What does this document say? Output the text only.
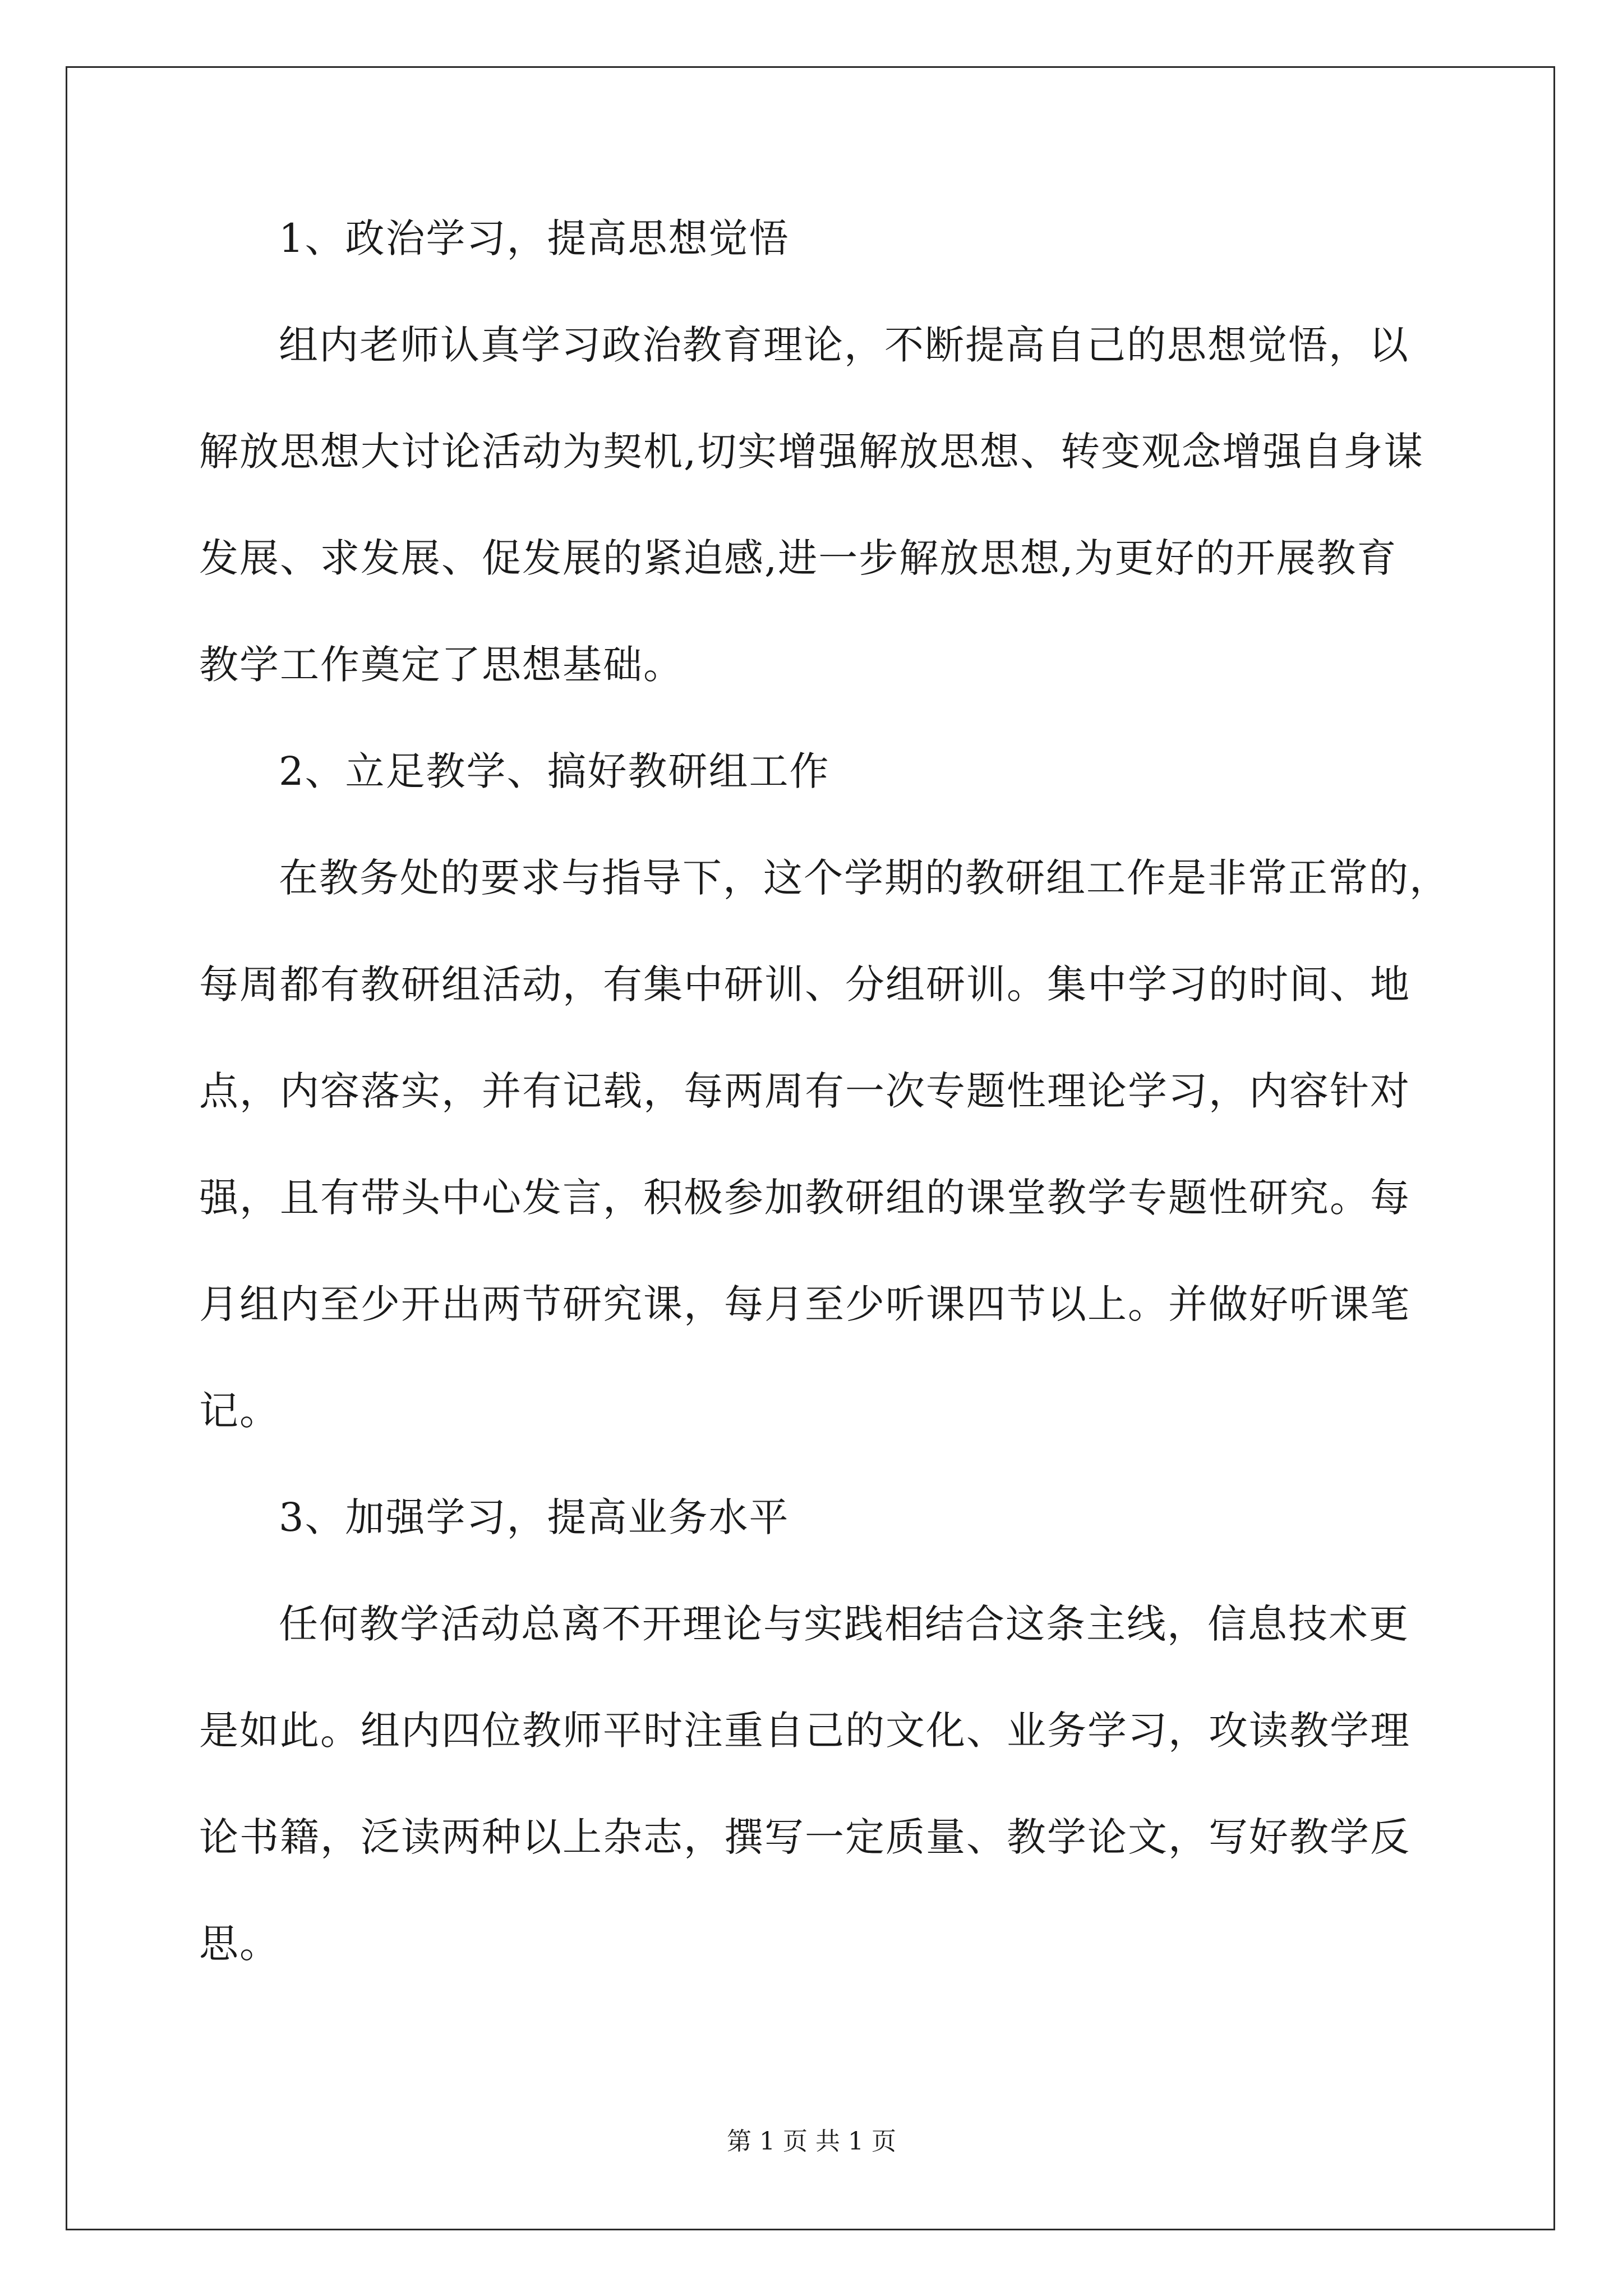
1、政治学习，提高思想觉悟
组内老师认真学习政治教育理论，不断提高自己的思想觉悟，以
解放思想大讨论活动为契机,切实增强解放思想、转变观念增强自身谋
发展、求发展、促发展的紧迫感,进一步解放思想,为更好的开展教育
教学工作奠定了思想基础。
2、立足教学、搞好教研组工作
在教务处的要求与指导下，这个学期的教研组工作是非常正常的，
每周都有教研组活动，有集中研训、分组研训。集中学习的时间、地
点，内容落实，并有记载，每两周有一次专题性理论学习，内容针对
强，且有带头中心发言，积极参加教研组的课堂教学专题性研究。每
月组内至少开出两节研究课，每月至少听课四节以上。并做好听课笔
记。
3、加强学习，提高业务水平
任何教学活动总离不开理论与实践相结合这条主线，信息技术更
是如此。组内四位教师平时注重自己的文化、业务学习，攻读教学理
论书籍，泛读两种以上杂志，撰写一定质量、教学论文，写好教学反
思。
第 1 页 共 1 页
